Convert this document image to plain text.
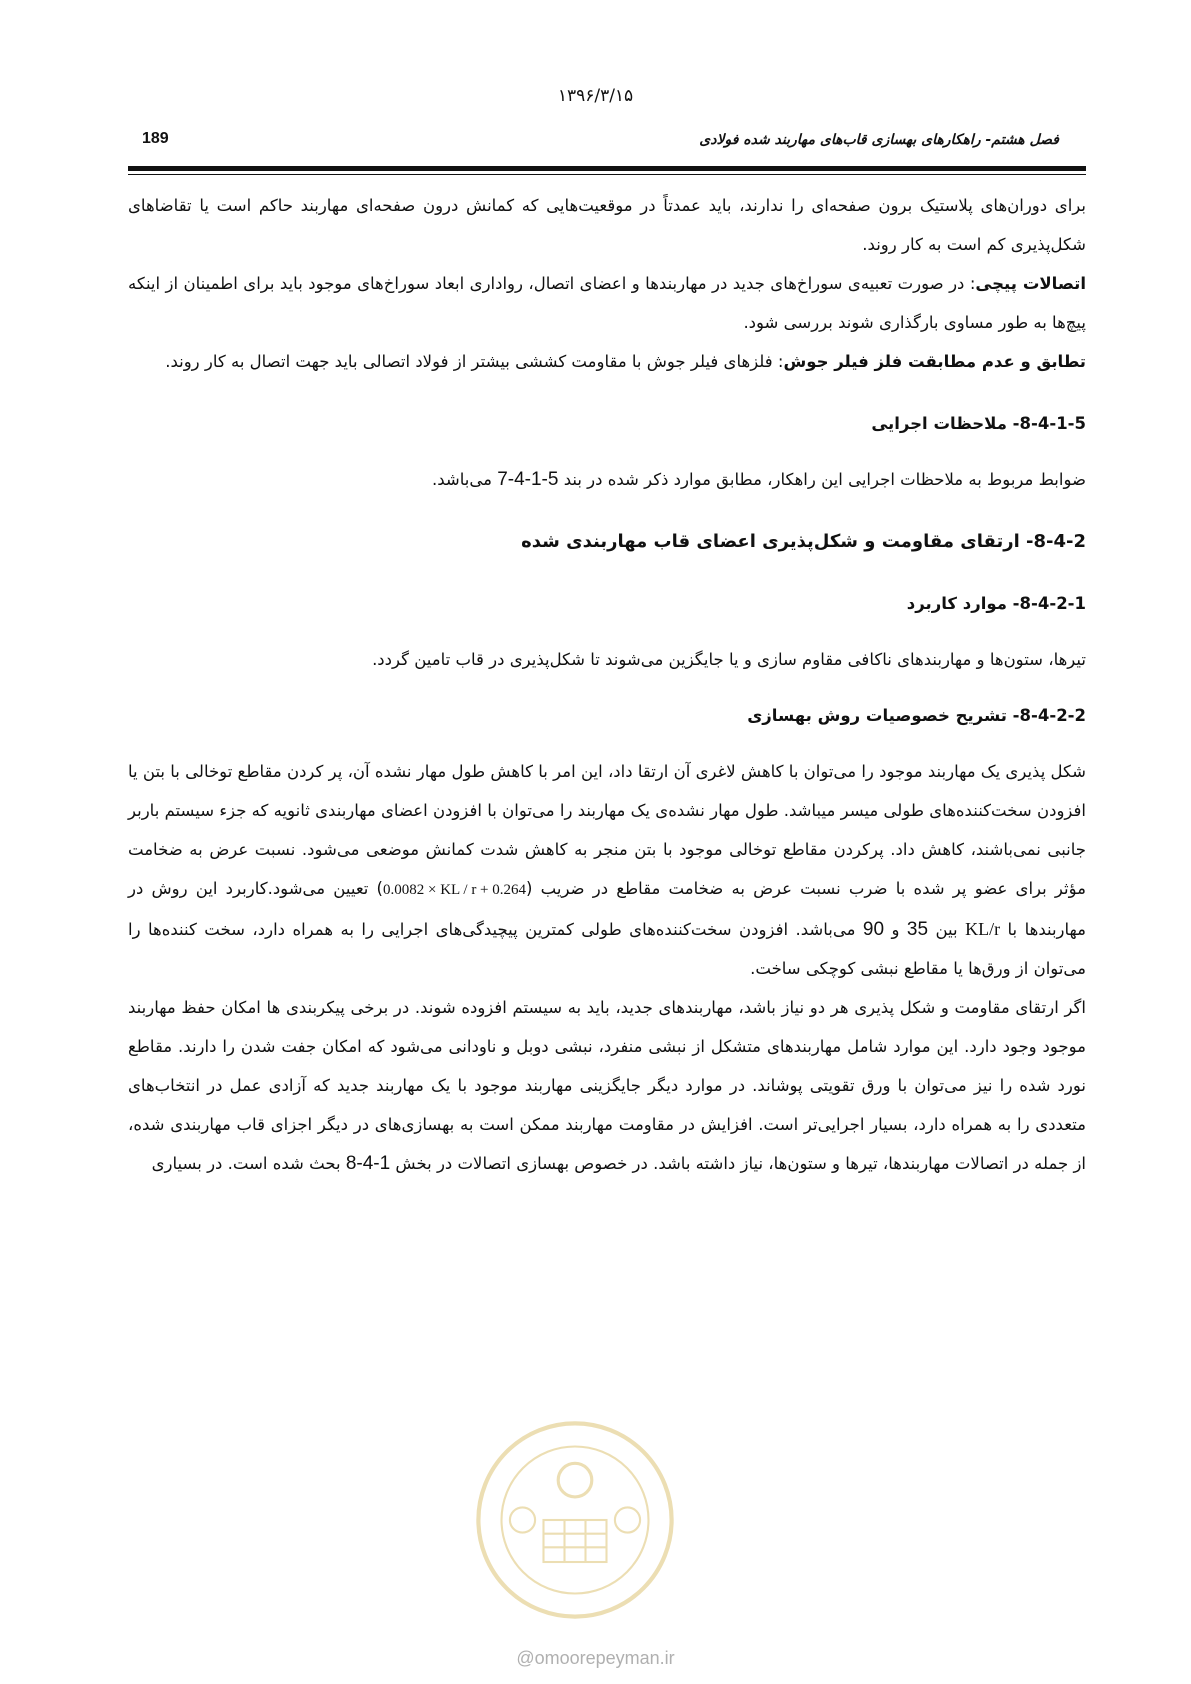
۱۳۹۶/۳/۱۵
فصل هشتم- راهکارهای بهسازی قاب‌های مهاربند شده فولادی
189

برای دوران‌های پلاستیک برون صفحه‌ای را ندارند، باید عمدتاً در موقعیت‌هایی که کمانش درون صفحه‌ای مهاربند حاکم است یا تقاضاهای شکل‌پذیری کم است به کار روند.

اتصالات پیچی: در صورت تعبیه‌ی سوراخ‌های جدید در مهاربندها و اعضای اتصال، رواداری ابعاد سوراخ‌های موجود باید برای اطمینان از اینکه پیچ‌ها به طور مساوی بارگذاری شوند بررسی شود.

تطابق و عدم مطابقت فلز فیلر جوش: فلزهای فیلر جوش با مقاومت کششی بیشتر از فولاد اتصالی باید جهت اتصال به کار روند.

8-4-1-5- ملاحظات اجرایی

ضوابط مربوط به ملاحظات اجرایی این راهکار، مطابق موارد ذکر شده در بند 7-4-1-5 می‌باشد.

8-4-2- ارتقای مقاومت و شکل‌پذیری اعضای قاب مهاربندی شده
8-4-2-1- موارد کاربرد

تیرها، ستون‌ها و مهاربندهای ناکافی مقاوم سازی و یا جایگزین می‌شوند تا شکل‌پذیری در قاب تامین گردد.

8-4-2-2- تشریح خصوصیات روش بهسازی

شکل پذیری یک مهاربند موجود را می‌توان با کاهش لاغری آن ارتقا داد، این امر با کاهش طول مهار نشده آن، پر کردن مقاطع توخالی با بتن یا افزودن سخت‌کننده‌های طولی میسر میباشد. طول مهار نشده‌ی یک مهاربند را می‌توان با افزودن اعضای مهاربندی ثانویه که جزء سیستم باربر جانبی نمی‌باشند، کاهش داد. پرکردن مقاطع توخالی موجود با بتن منجر به کاهش شدت کمانش موضعی می‌شود. نسبت عرض به ضخامت مؤثر برای عضو پر شده با ضرب نسبت عرض به ضخامت مقاطع در ضریب (0.0082 × KL / r + 0.264) تعیین می‌شود.کاربرد این روش در مهاربندها با KL/r بین 35 و 90 می‌باشد. افزودن سخت‌کننده‌های طولی کمترین پیچیدگی‌های اجرایی را به همراه دارد، سخت کننده‌ها را می‌توان از ورق‌ها یا مقاطع نبشی کوچکی ساخت.

اگر ارتقای مقاومت و شکل پذیری هر دو نیاز باشد، مهاربندهای جدید، باید به سیستم افزوده شوند. در برخی پیکربندی ها امکان حفظ مهاربند موجود وجود دارد. این موارد شامل مهاربندهای متشکل از نبشی منفرد، نبشی دوبل و ناودانی می‌شود که امکان جفت شدن را دارند. مقاطع نورد شده را نیز می‌توان با ورق تقویتی پوشاند. در موارد دیگر جایگزینی مهاربند موجود با یک مهاربند جدید که آزادی عمل در انتخاب‌های متعددی را به همراه دارد، بسیار اجرایی‌تر است. افزایش در مقاومت مهاربند ممکن است به بهسازی‌های در دیگر اجزای قاب مهاربندی شده، از جمله در اتصالات مهاربندها، تیرها و ستون‌ها، نیاز داشته باشد. در خصوص بهسازی اتصالات در بخش 8-4-1 بحث شده است. در بسیاری

@omoorepeyman.ir
